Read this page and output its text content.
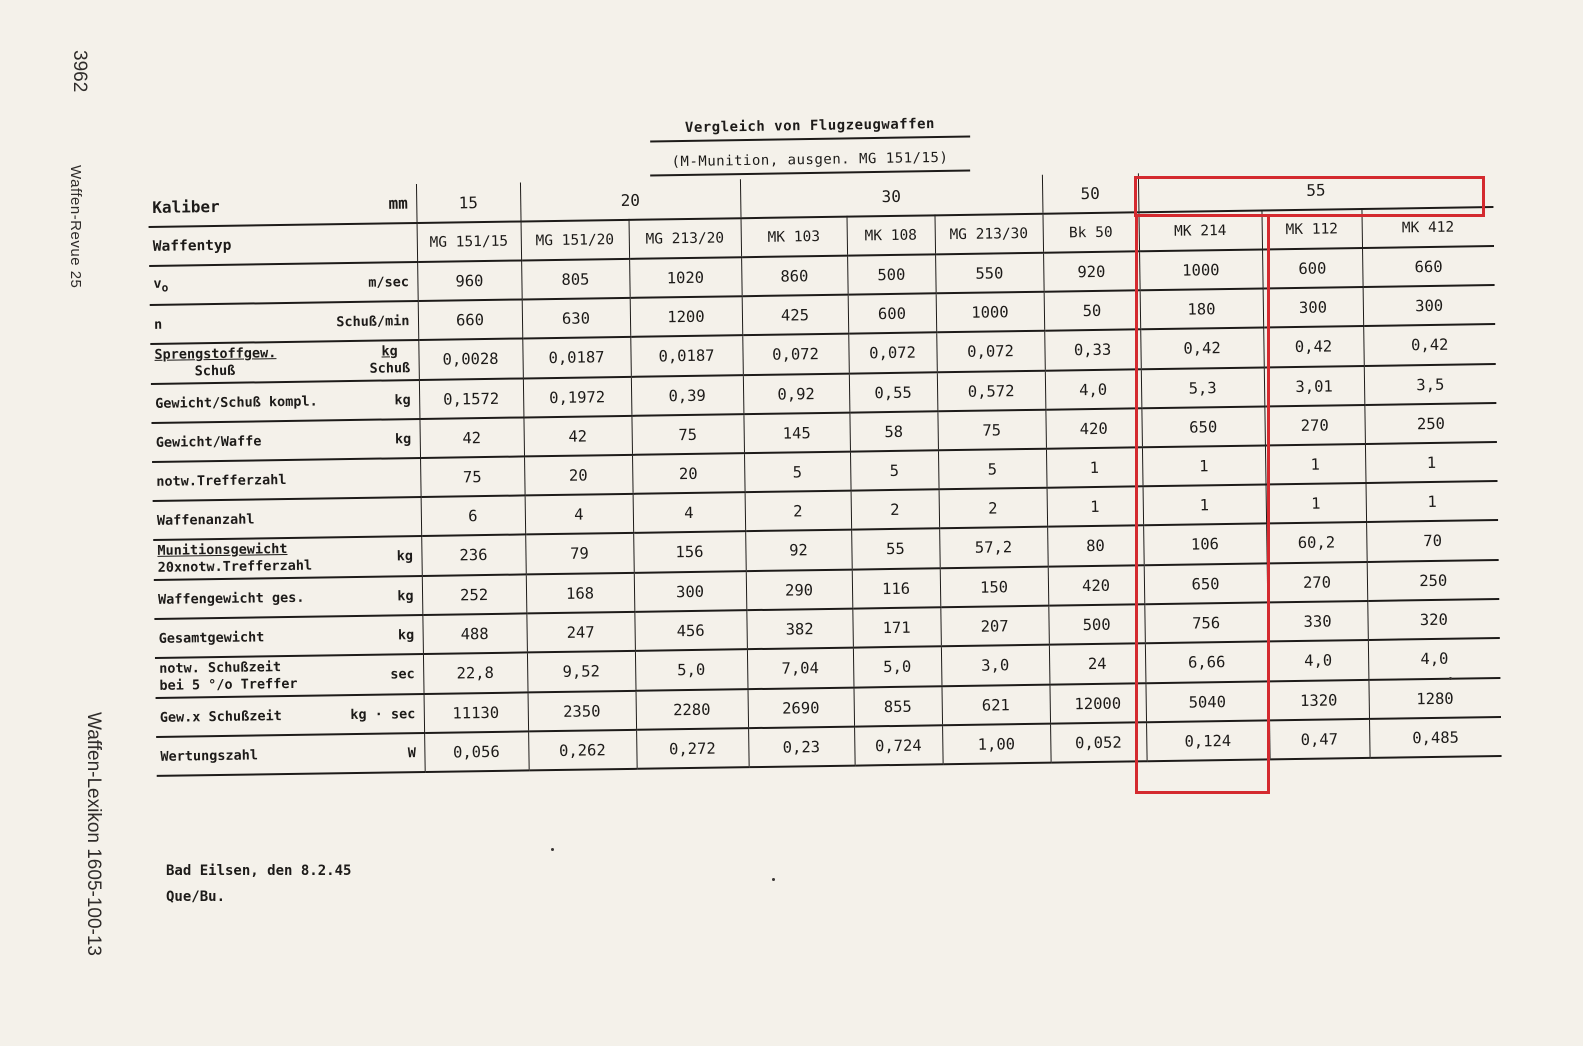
3962
Waffen-Revue 25
Waffen-Lexikon 1605-100-13
Vergleich von Flugzeugwaffen
(M-Munition, ausgen. MG 151/15)
Kaliber mm	15	20		30			50	55		
Waffentyp	MG 151/15	MG 151/20	MG 213/20	MK 103	MK 108	MG 213/30	Bk 50	MK 214	MK 112	MK 412
$v_o$ m/sec	960	805	1020	860	500	550	920	1000	600	660
n Schuß/min	660	630	1200	425	600	1000	50	180	300	300

Sprengstoffgew.
Schuß
kg
Schuß	0,0028	0,0187	0,0187	0,072	0,072	0,072	0,33	0,42	0,42	0,42
Gewicht/Schuß kompl. kg	0,1572	0,1972	0,39	0,92	0,55	0,572	4,0	5,3	3,01	3,5
Gewicht/Waffe kg	42	42	75	145	58	75	420	650	270	250
notw.Trefferzahl	75	20	20	5	5	5	1	1	1	1
Waffenanzahl	6	4	4	2	2	2	1	1	1	1

Munitionsgewicht
20xnotw.Trefferzahl
kg	236	79	156	92	55	57,2	80	106	60,2	70
Waffengewicht ges. kg	252	168	300	290	116	150	420	650	270	250
Gesamtgewicht kg	488	247	456	382	171	207	500	756	330	320

notw. Schußzeit
bei 5 °/o Treffer
sec	22,8	9,52	5,0	7,04	5,0	3,0	24	6,66	4,0	4,0
Gew.x Schußzeit kg · sec	11130	2350	2280	2690	855	621	12000	5040	1320	1280
Wertungszahl W	0,056	0,262	0,272	0,23	0,724	1,00	0,052	0,124	0,47	0,485
Bad Eilsen, den 8.2.45
Que/Bu.
